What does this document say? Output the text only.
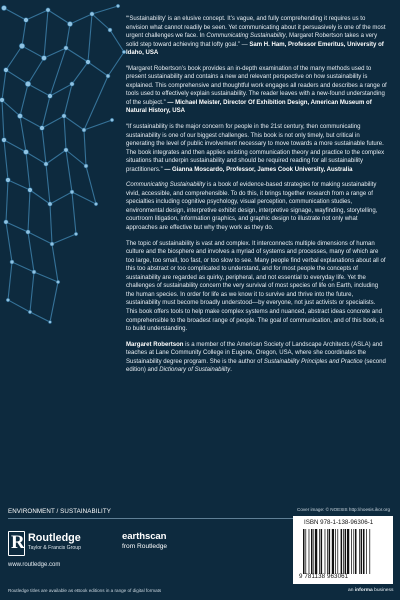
“‘Sustainability’ is an elusive concept. It’s vague, and fully comprehending it requires us to envision what cannot readily be seen. Yet communicating about it persuasively is one of the most urgent challenges we face. In Communicating Sustainability, Margaret Robertson takes a very solid step toward achieving that lofty goal.” — Sam H. Ham, Professor Emeritus, University of Idaho, USA

“Margaret Robertson’s book provides an in-depth examination of the many methods used to present sustainability and contains a new and relevant perspective on how sustainability is explained. This comprehensive and thoughtful work engages all readers and describes a range of tools used to effectively explain sustainability. The reader leaves with a new-found understanding of the subject.” — Michael Meister, Director Of Exhibition Design, American Museum of Natural History, USA

“If sustainability is the major concern for people in the 21st century, then communicating sustainability is one of our biggest challenges. This book is not only timely, but critical in generating the level of public involvement necessary to move towards a more sustainable future. The book integrates and then applies existing communication theory and practice to the complex situations that underpin sustainability and should be required reading for all sustainability practitioners.” — Gianna Moscardo, Professor, James Cook University, Australia

Communicating Sustainability is a book of evidence-based strategies for making sustainability vivid, accessible, and comprehensible. To do this, it brings together research from a range of specialties including cognitive psychology, visual perception, communication studies, environmental design, interpretive exhibit design, interpretive signage, wayfinding, storytelling, courtroom litigation, information graphics, and graphic design to illustrate not only what approaches are effective but why they work as they do.

The topic of sustainability is vast and complex. It interconnects multiple dimensions of human culture and the biosphere and involves a myriad of systems and processes, many of which are too large, too small, too fast, or too slow to see. Many people find verbal explanations about all of this too abstract or too complicated to understand, and for most people the concepts of sustainability are regarded as quirky, peripheral, and not essential to everyday life. Yet the challenges of sustainability concern the very survival of most species of life on Earth, including the human species. In order for life as we know it to survive and thrive into the future, sustainability must become broadly understood—by everyone, not just activists or specialists. This book offers tools to help make complex systems and nuanced, abstract ideas concrete and comprehensible to the broadest range of people. The goal of communication, and of this book, is to build understanding.

Margaret Robertson is a member of the American Society of Landscape Architects (ASLA) and teaches at Lane Community College in Eugene, Oregon, USA, where she coordinates the Sustainability degree program. She is the author of Sustainability Principles and Practice (second edition) and Dictionary of Sustainability.

ENVIRONMENT / SUSTAINABILITY
R Routledge
Taylor & Francis Group
www.routledge.com
earthscan
from Routledge
Cover image: © NOESIS http://noesis.ikor.org
ISBN 978-1-138-96306-1
9 781138 963061
Routledge titles are available as eBook editions in a range of digital formats	an informa business
